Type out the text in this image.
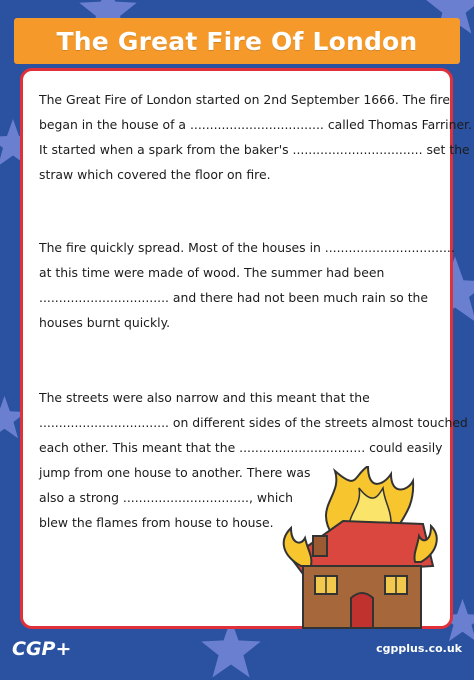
The Great Fire Of London
The Great Fire of London started on 2nd September 1666. The fire
began in the house of a .................................. called Thomas Farriner.
It started when a spark from the baker's ................................. set the
straw which covered the floor on fire.
The fire quickly spread. Most of the houses in .................................
at this time were made of wood. The summer had been
................................. and there had not been much rain so the
houses burnt quickly.
The streets were also narrow and this meant that the
................................. on different sides of the streets almost touched
each other. This meant that the ................................ could easily
jump from one house to another. There was
also a strong ................................, which
blew the flames from house to house.
CGP+	cgpplus.co.uk
